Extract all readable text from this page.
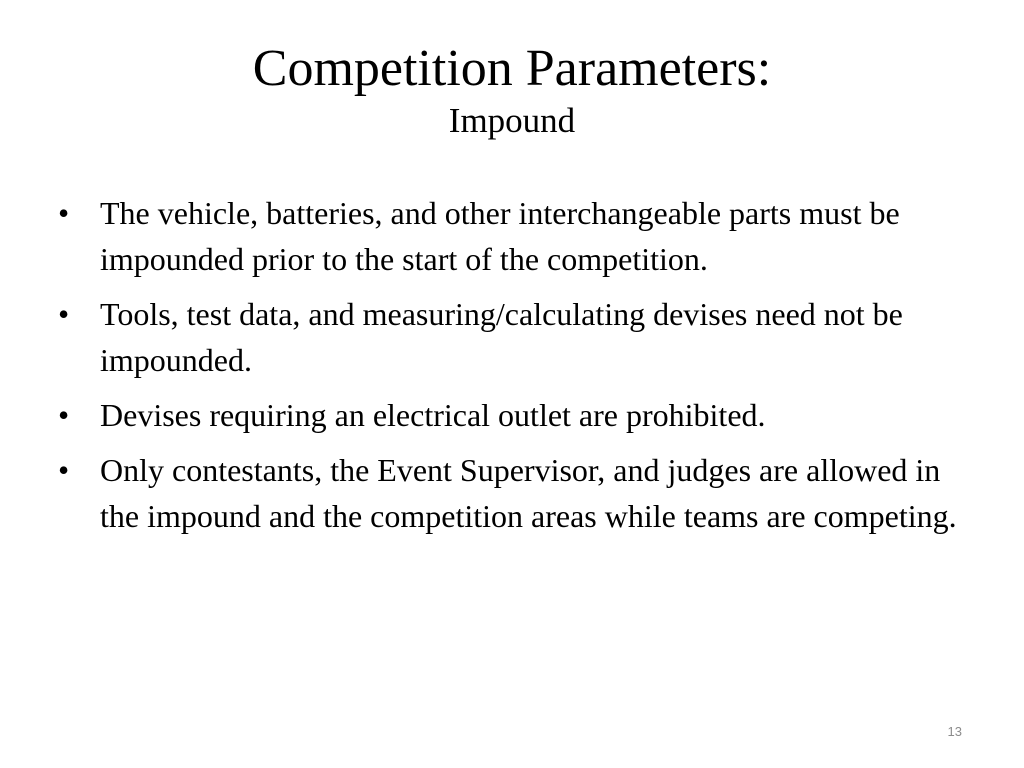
Competition Parameters:
Impound
• The vehicle, batteries, and other interchangeable parts must be impounded prior to the start of the competition.
• Tools, test data, and measuring/calculating devises need not be impounded.
• Devises requiring an electrical outlet are prohibited.
• Only contestants, the Event Supervisor, and judges are allowed in the impound and the competition areas while teams are competing.
13
